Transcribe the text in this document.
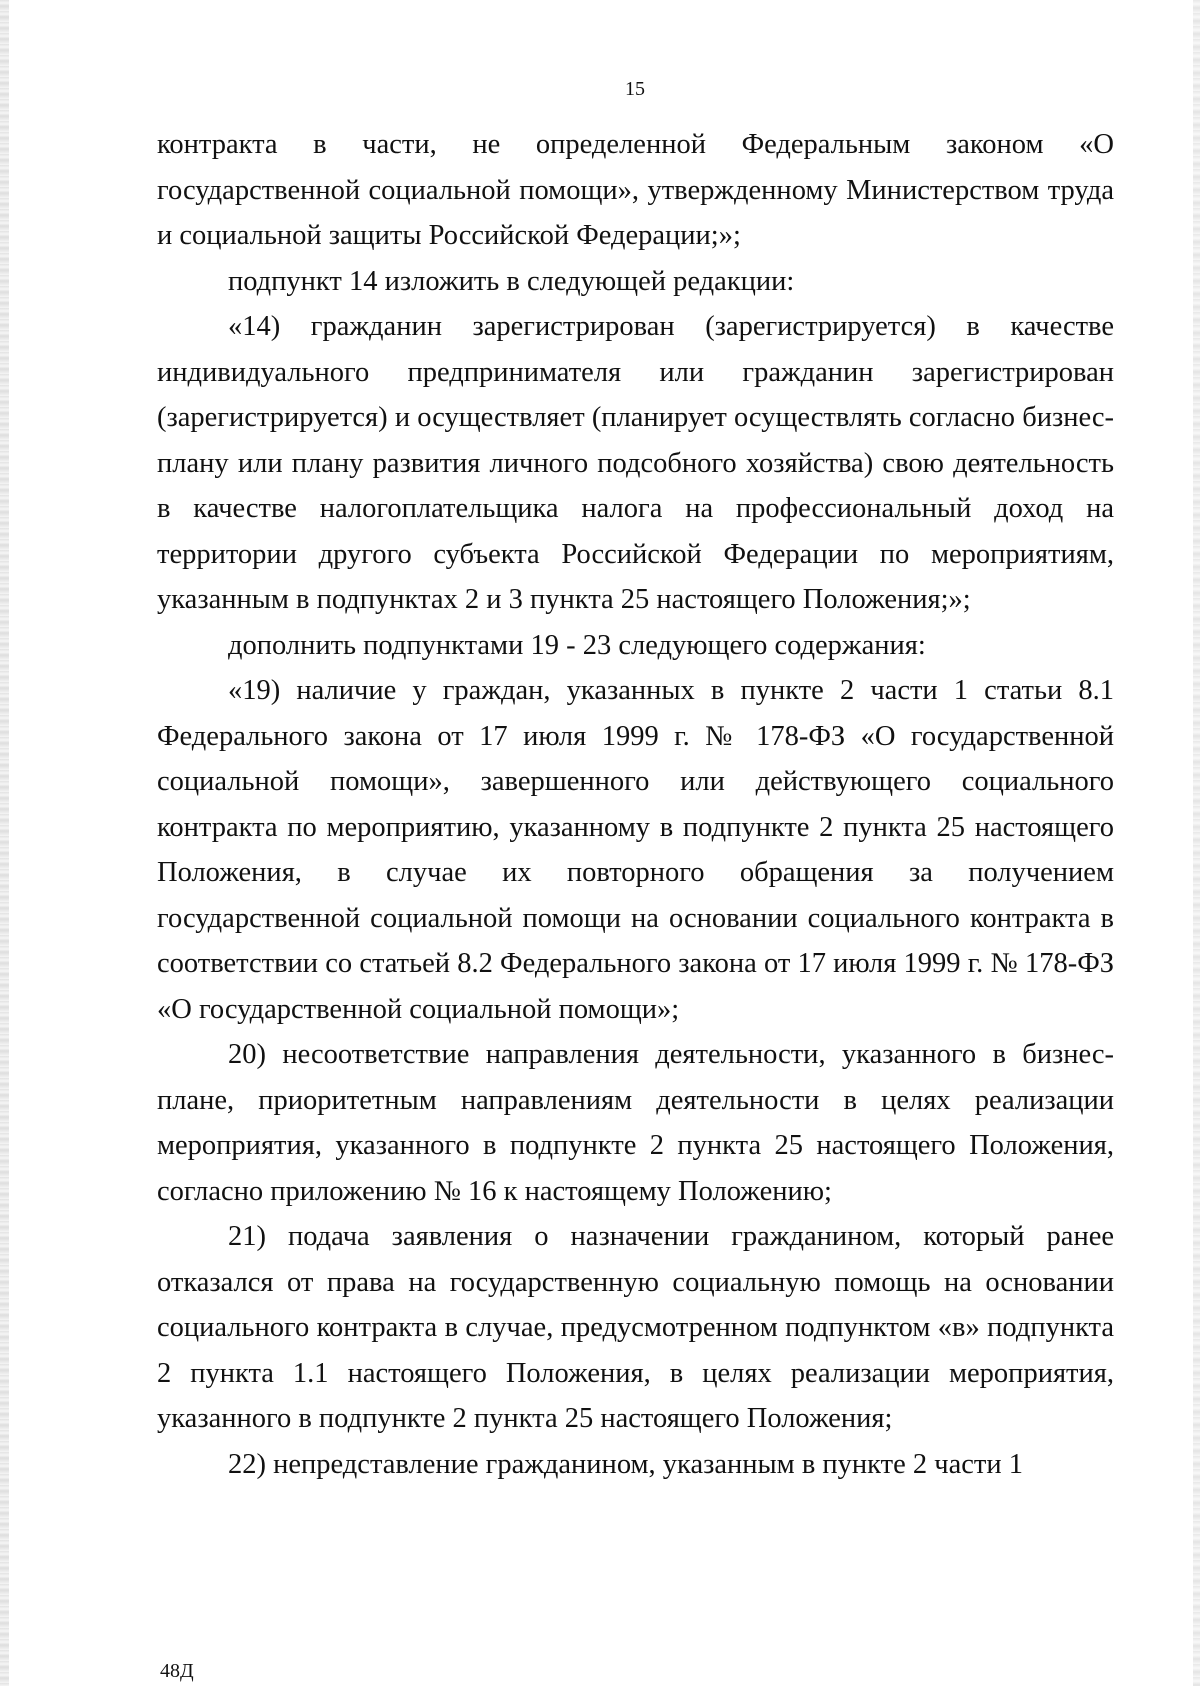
15

контракта в части, не определенной Федеральным законом «О государственной социальной помощи», утвержденному Министерством труда и социальной защиты Российской Федерации;»;

подпункт 14 изложить в следующей редакции:

«14) гражданин зарегистрирован (зарегистрируется) в качестве индивидуального предпринимателя или гражданин зарегистрирован (зарегистрируется) и осуществляет (планирует осуществлять согласно бизнес-плану или плану развития личного подсобного хозяйства) свою деятельность в качестве налогоплательщика налога на профессиональный доход на территории другого субъекта Российской Федерации по мероприятиям, указанным в подпунктах 2 и 3 пункта 25 настоящего Положения;»;

дополнить подпунктами 19 - 23 следующего содержания:

«19) наличие у граждан, указанных в пункте 2 части 1 статьи 8.1 Федерального закона от 17 июля 1999 г. № 178-ФЗ «О государственной социальной помощи», завершенного или действующего социального контракта по мероприятию, указанному в подпункте 2 пункта 25 настоящего Положения, в случае их повторного обращения за получением государственной социальной помощи на основании социального контракта в соответствии со статьей 8.2 Федерального закона от 17 июля 1999 г. № 178-ФЗ «О государственной социальной помощи»;

20) несоответствие направления деятельности, указанного в бизнес-плане, приоритетным направлениям деятельности в целях реализации мероприятия, указанного в подпункте 2 пункта 25 настоящего Положения, согласно приложению № 16 к настоящему Положению;

21) подача заявления о назначении гражданином, который ранее отказался от права на государственную социальную помощь на основании социального контракта в случае, предусмотренном подпунктом «в» подпункта 2 пункта 1.1 настоящего Положения, в целях реализации мероприятия, указанного в подпункте 2 пункта 25 настоящего Положения;

22) непредставление гражданином, указанным в пункте 2 части 1

48Д
